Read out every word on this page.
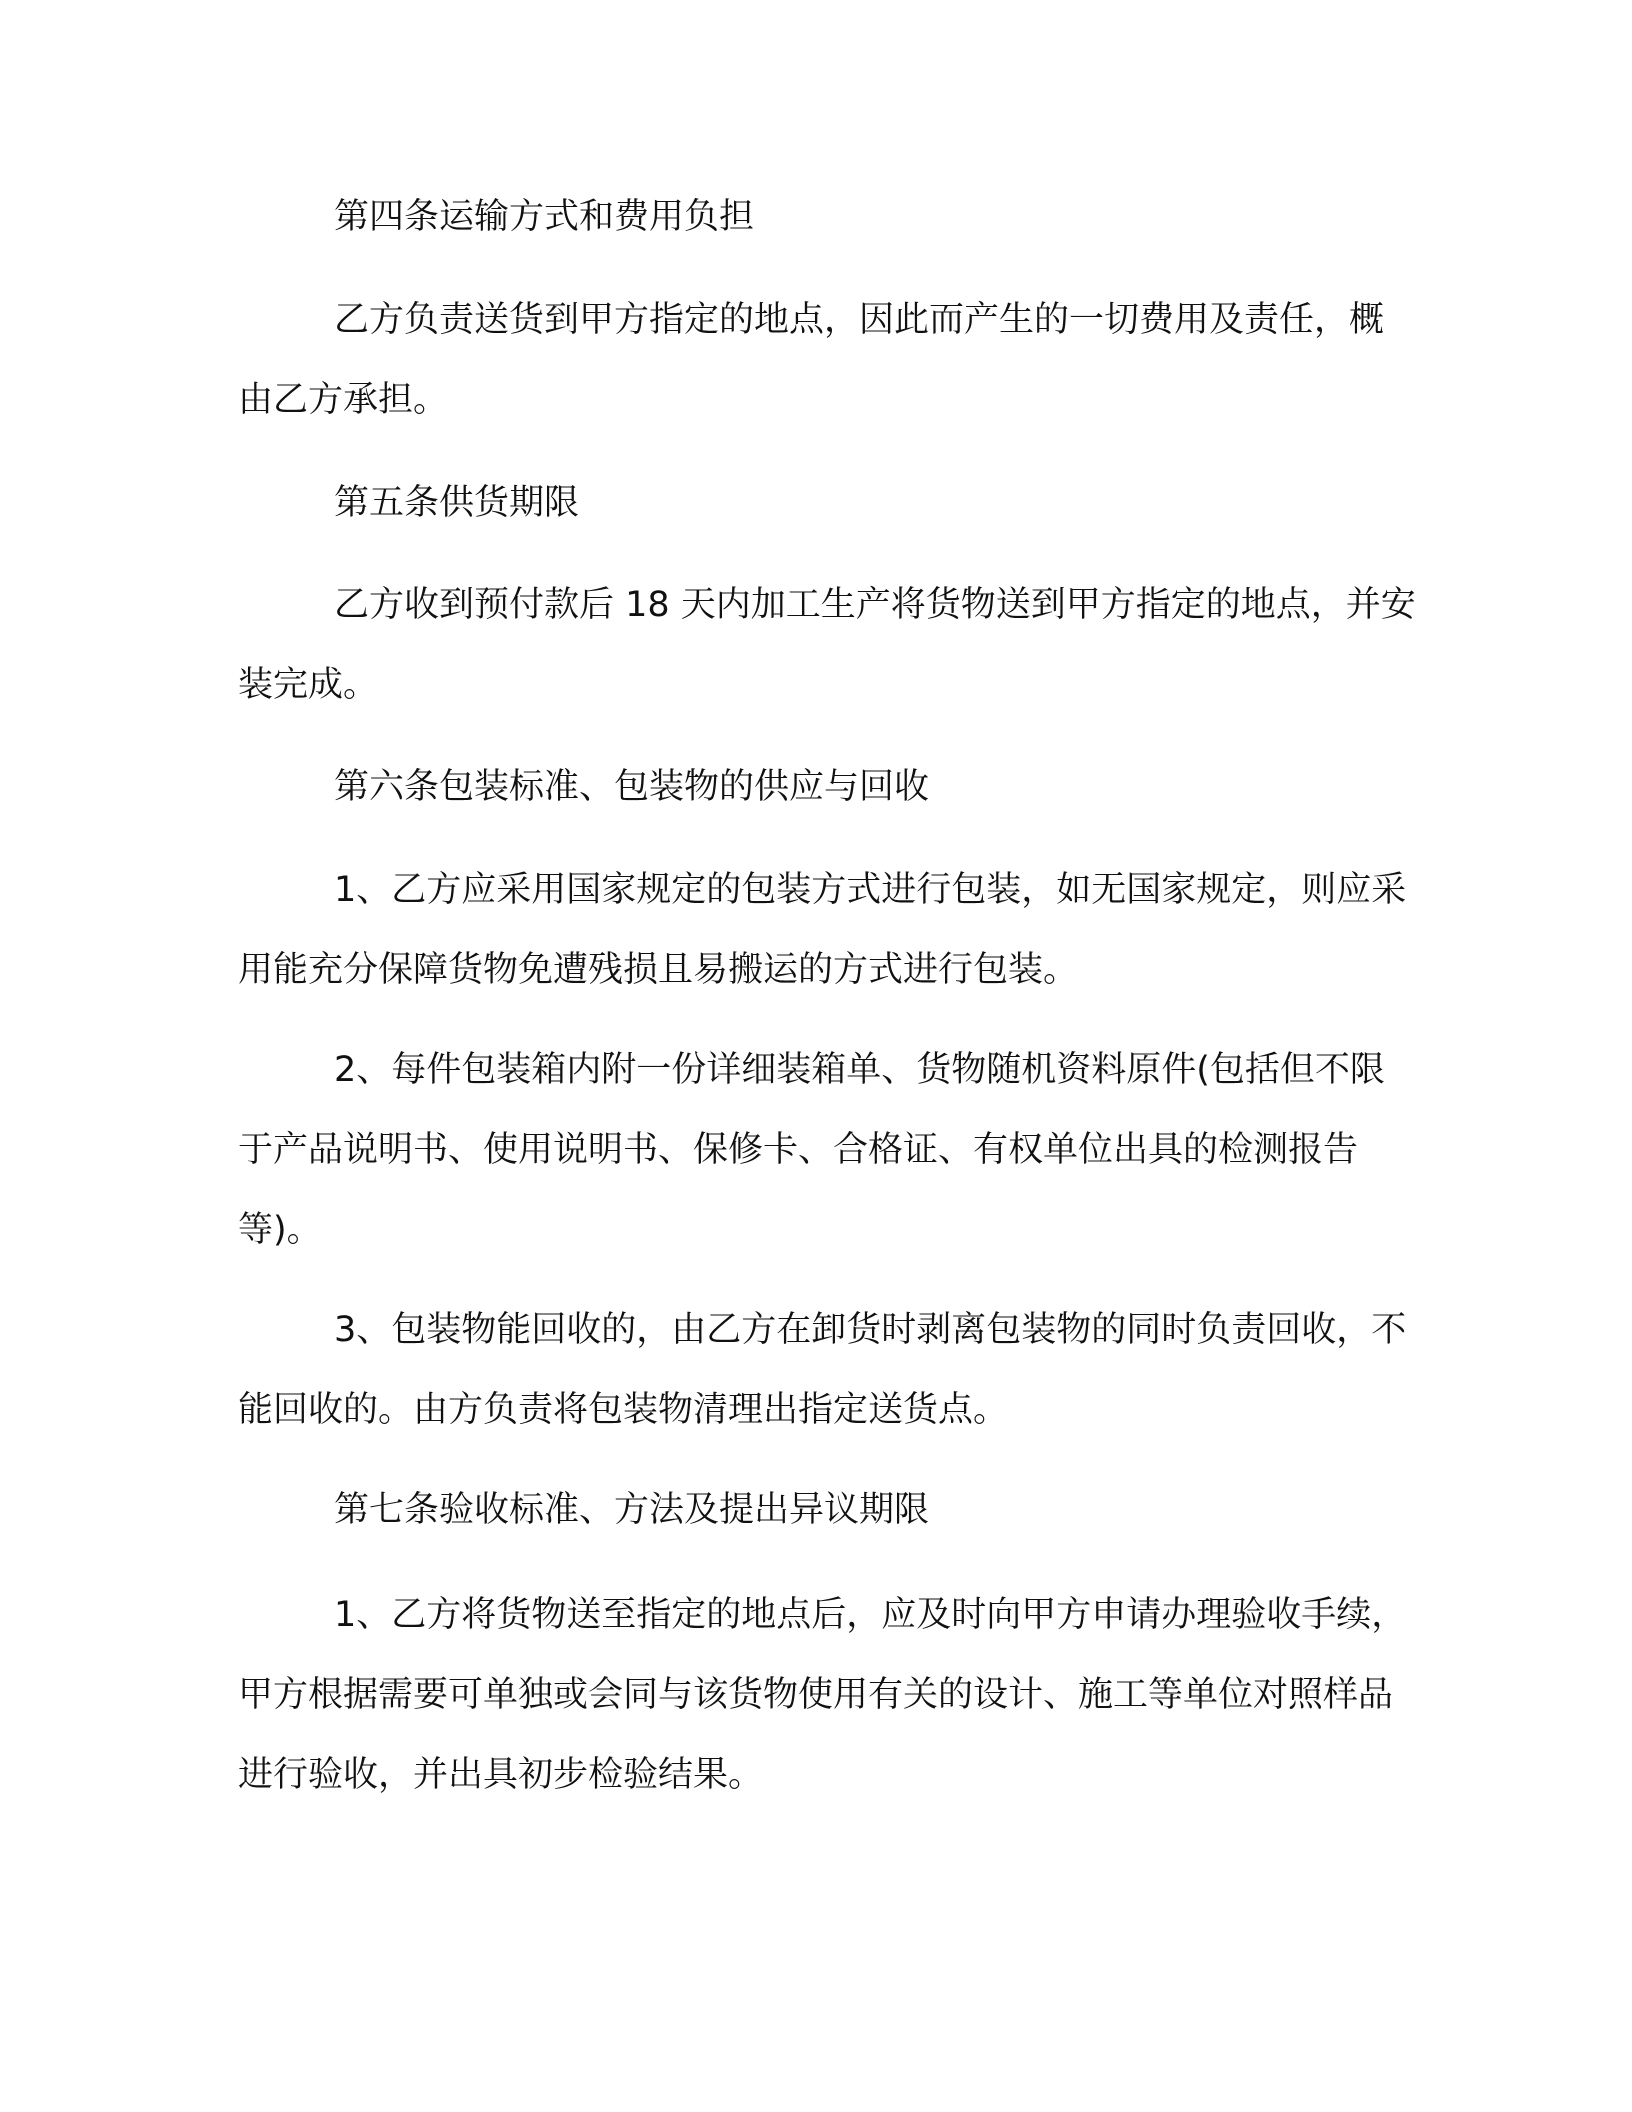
第四条运输方式和费用负担

乙方负责送货到甲方指定的地点，因此而产生的一切费用及责任，概由乙方承担。

第五条供货期限

乙方收到预付款后 18 天内加工生产将货物送到甲方指定的地点，并安装完成。

第六条包装标准、包装物的供应与回收

1、乙方应采用国家规定的包装方式进行包装，如无国家规定，则应采用能充分保障货物免遭残损且易搬运的方式进行包装。

2、每件包装箱内附一份详细装箱单、货物随机资料原件(包括但不限于产品说明书、使用说明书、保修卡、合格证、有权单位出具的检测报告等)。

3、包装物能回收的，由乙方在卸货时剥离包装物的同时负责回收，不能回收的。由方负责将包装物清理出指定送货点。

第七条验收标准、方法及提出异议期限

1、乙方将货物送至指定的地点后，应及时向甲方申请办理验收手续，甲方根据需要可单独或会同与该货物使用有关的设计、施工等单位对照样品进行验收，并出具初步检验结果。
